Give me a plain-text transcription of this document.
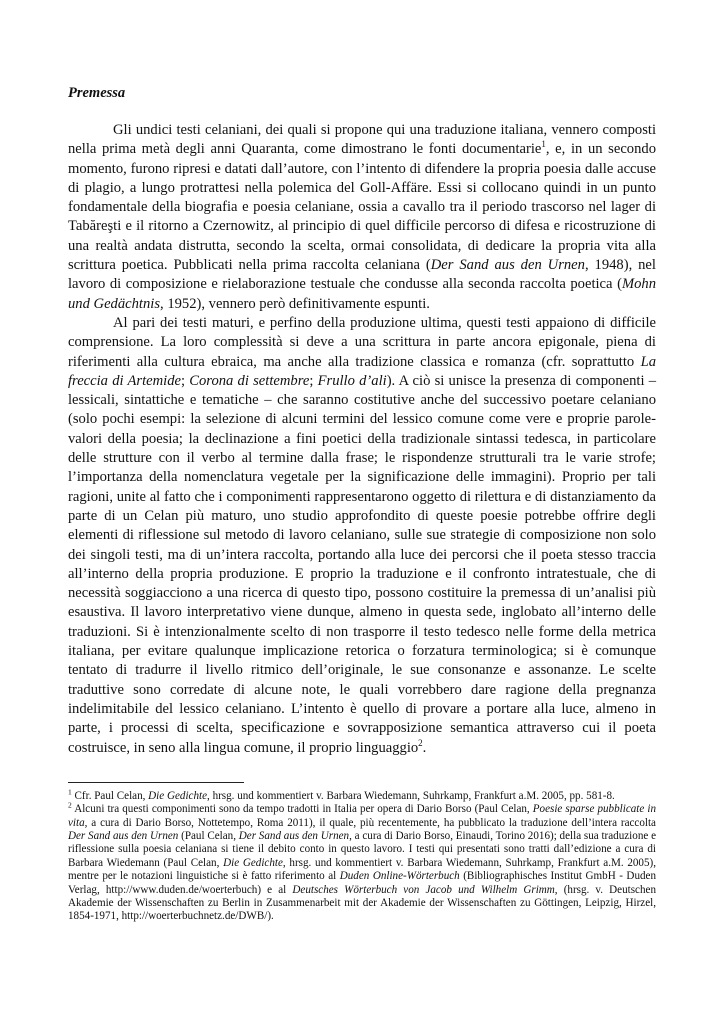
Premessa

Gli undici testi celaniani, dei quali si propone qui una traduzione italiana, vennero composti nella prima metà degli anni Quaranta, come dimostrano le fonti documentarie$^1$, e, in un secondo momento, furono ripresi e datati dall’autore, con l’intento di difendere la propria poesia dalle accuse di plagio, a lungo protrattesi nella polemica del Goll-Affäre. Essi si collocano quindi in un punto fondamentale della biografia e poesia celaniane, ossia a cavallo tra il periodo trascorso nel lager di Tabăreşti e il ritorno a Czernowitz, al principio di quel difficile percorso di difesa e ricostruzione di una realtà andata distrutta, secondo la scelta, ormai consolidata, di dedicare la propria vita alla scrittura poetica. Pubblicati nella prima raccolta celaniana (Der Sand aus den Urnen, 1948), nel lavoro di composizione e rielaborazione testuale che condusse alla seconda raccolta poetica (Mohn und Gedächtnis, 1952), vennero però definitivamente espunti.

Al pari dei testi maturi, e perfino della produzione ultima, questi testi appaiono di difficile comprensione. La loro complessità si deve a una scrittura in parte ancora epigonale, piena di riferimenti alla cultura ebraica, ma anche alla tradizione classica e romanza (cfr. soprattutto La freccia di Artemide; Corona di settembre; Frullo d’ali). A ciò si unisce la presenza di componenti – lessicali, sintattiche e tematiche – che saranno costitutive anche del successivo poetare celaniano (solo pochi esempi: la selezione di alcuni termini del lessico comune come vere e proprie parole-valori della poesia; la declinazione a fini poetici della tradizionale sintassi tedesca, in particolare delle strutture con il verbo al termine dalla frase; le rispondenze strutturali tra le varie strofe; l’importanza della nomenclatura vegetale per la significazione delle immagini). Proprio per tali ragioni, unite al fatto che i componimenti rappresentarono oggetto di rilettura e di distanziamento da parte di un Celan più maturo, uno studio approfondito di queste poesie potrebbe offrire degli elementi di riflessione sul metodo di lavoro celaniano, sulle sue strategie di composizione non solo dei singoli testi, ma di un’intera raccolta, portando alla luce dei percorsi che il poeta stesso traccia all’interno della propria produzione. E proprio la traduzione e il confronto intratestuale, che di necessità soggiacciono a una ricerca di questo tipo, possono costituire la premessa di un’analisi più esaustiva. Il lavoro interpretativo viene dunque, almeno in questa sede, inglobato all’interno delle traduzioni. Si è intenzionalmente scelto di non trasporre il testo tedesco nelle forme della metrica italiana, per evitare qualunque implicazione retorica o forzatura terminologica; si è comunque tentato di tradurre il livello ritmico dell’originale, le sue consonanze e assonanze. Le scelte traduttive sono corredate di alcune note, le quali vorrebbero dare ragione della pregnanza indelimitabile del lessico celaniano. L’intento è quello di provare a portare alla luce, almeno in parte, i processi di scelta, specificazione e sovrapposizione semantica attraverso cui il poeta costruisce, in seno alla lingua comune, il proprio linguaggio$^2$.

$^1$ Cfr. Paul Celan, Die Gedichte, hrsg. und kommentiert v. Barbara Wiedemann, Suhrkamp, Frankfurt a.M. 2005, pp. 581-8.

$^2$ Alcuni tra questi componimenti sono da tempo tradotti in Italia per opera di Dario Borso (Paul Celan, Poesie sparse pubblicate in vita, a cura di Dario Borso, Nottetempo, Roma 2011), il quale, più recentemente, ha pubblicato la traduzione dell’intera raccolta Der Sand aus den Urnen (Paul Celan, Der Sand aus den Urnen, a cura di Dario Borso, Einaudi, Torino 2016); della sua traduzione e riflessione sulla poesia celaniana si tiene il debito conto in questo lavoro. I testi qui presentati sono tratti dall’edizione a cura di Barbara Wiedemann (Paul Celan, Die Gedichte, hrsg. und kommentiert v. Barbara Wiedemann, Suhrkamp, Frankfurt a.M. 2005), mentre per le notazioni linguistiche si è fatto riferimento al Duden Online-Wörterbuch (Bibliographisches Institut GmbH - Duden Verlag, http://www.duden.de/woerterbuch) e al Deutsches Wörterbuch von Jacob und Wilhelm Grimm, (hrsg. v. Deutschen Akademie der Wissenschaften zu Berlin in Zusammenarbeit mit der Akademie der Wissenschaften zu Göttingen, Leipzig, Hirzel, 1854-1971, http://woerterbuchnetz.de/DWB/).
